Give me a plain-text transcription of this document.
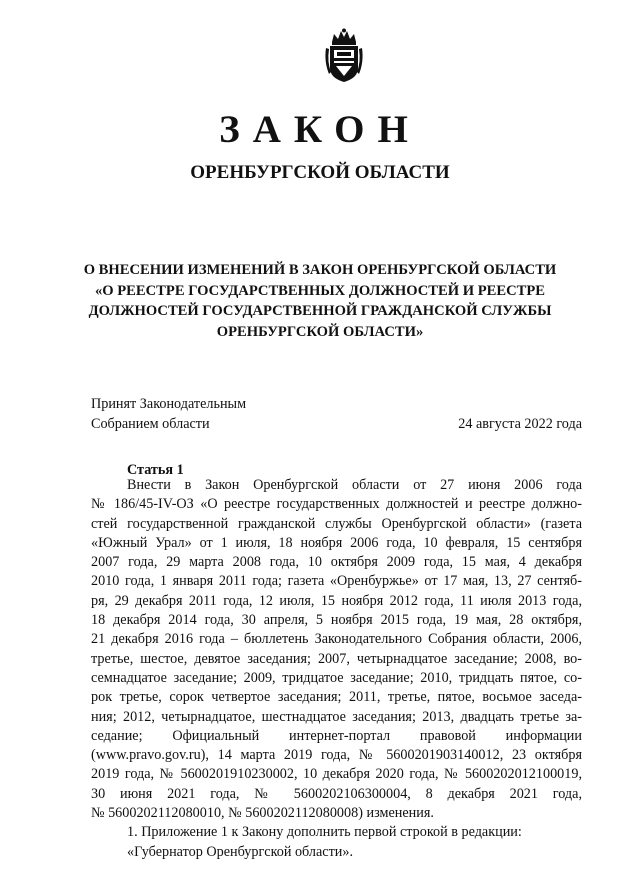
ЗАКОН
ОРЕНБУРГСКОЙ ОБЛАСТИ
О ВНЕСЕНИИ ИЗМЕНЕНИЙ В ЗАКОН ОРЕНБУРГСКОЙ ОБЛАСТИ
«О РЕЕСТРЕ ГОСУДАРСТВЕННЫХ ДОЛЖНОСТЕЙ И РЕЕСТРЕ
ДОЛЖНОСТЕЙ ГОСУДАРСТВЕННОЙ ГРАЖДАНСКОЙ СЛУЖБЫ
ОРЕНБУРГСКОЙ ОБЛАСТИ»
Принят Законодательным
Собранием области	24 августа 2022 года
Статья 1
Внести в Закон Оренбургской области от 27 июня 2006 года
№ 186/45-IV-ОЗ «О реестре государственных должностей и реестре должно-
стей государственной гражданской службы Оренбургской области» (газета
«Южный Урал» от 1 июля, 18 ноября 2006 года, 10 февраля, 15 сентября
2007 года, 29 марта 2008 года, 10 октября 2009 года, 15 мая, 4 декабря
2010 года, 1 января 2011 года; газета «Оренбуржье» от 17 мая, 13, 27 сентяб-
ря, 29 декабря 2011 года, 12 июля, 15 ноября 2012 года, 11 июля 2013 года,
18 декабря 2014 года, 30 апреля, 5 ноября 2015 года, 19 мая, 28 октября,
21 декабря 2016 года – бюллетень Законодательного Собрания области, 2006,
третье, шестое, девятое заседания; 2007, четырнадцатое заседание; 2008, во-
семнадцатое заседание; 2009, тридцатое заседание; 2010, тридцать пятое, со-
рок третье, сорок четвертое заседания; 2011, третье, пятое, восьмое заседа-
ния; 2012, четырнадцатое, шестнадцатое заседания; 2013, двадцать третье за-
седание; Официальный интернет-портал правовой информации
(www.pravo.gov.ru), 14 марта 2019 года, № 5600201903140012, 23 октября
2019 года, № 5600201910230002, 10 декабря 2020 года, № 5600202012100019,
30 июня 2021 года, № 5600202106300004, 8 декабря 2021 года,
№ 5600202112080010, № 5600202112080008) изменения.
1. Приложение 1 к Закону дополнить первой строкой в редакции:
«Губернатор Оренбургской области».
